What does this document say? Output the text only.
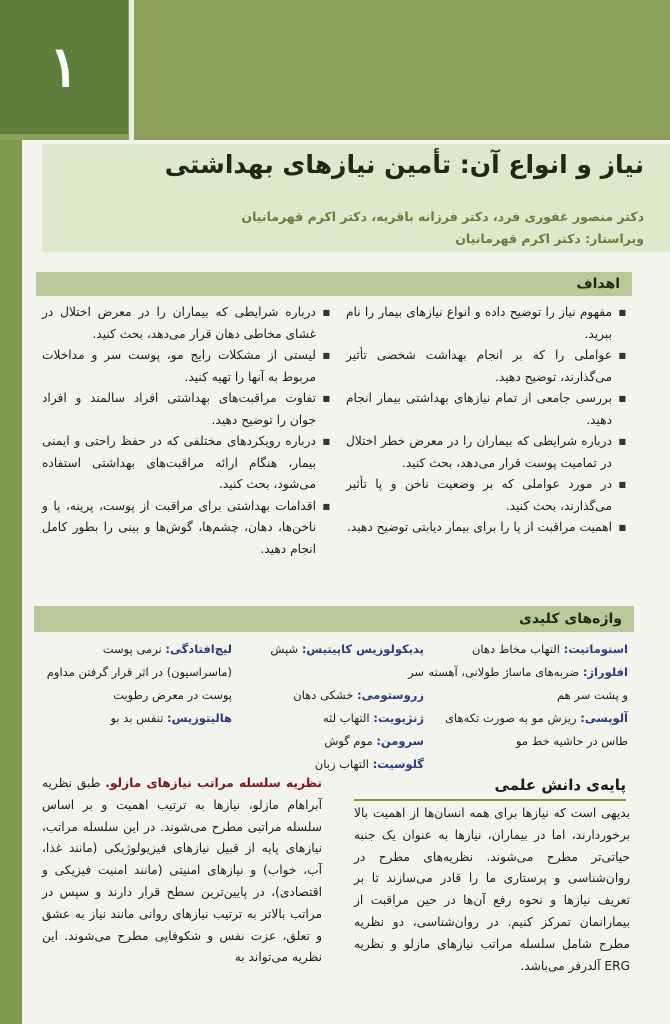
۱
نیاز و انواع آن: تأمین نیازهای بهداشتی
دکتر منصور غفوری فرد، دکتر فرزانه باقریه، دکتر اکرم قهرمانیان
ویراستار: دکتر اکرم قهرمانیان
اهداف
■ مفهوم نیاز را توضیح داده و انواع نیازهای بیمار را نام ببرید.
■ عواملی را که بر انجام بهداشت شخصی تأثیر می‌گذارند، توضیح دهید.
■ بررسی جامعی از تمام نیازهای بهداشتی بیمار انجام دهید.
■ درباره شرایطی که بیماران را در معرض خطر اختلال در تمامیت پوست قرار می‌دهد، بحث کنید.
■ در مورد عواملی که بر وضعیت ناخن و پا تأثیر می‌گذارند، بحث کنید.
■ اهمیت مراقبت از پا را برای بیمار دیابتی توضیح دهید.
■ درباره شرایطی که بیماران را در معرض اختلال در غشای مخاطی دهان قرار می‌دهد، بحث کنید.
■ لیستی از مشکلات رایج مو، پوست سر و مداخلات مربوط به آنها را تهیه کنید.
■ تفاوت مراقبت‌های بهداشتی افراد سالمند و افراد جوان را توضیح دهید.
■ درباره رویکردهای مختلفی که در حفظ راحتی و ایمنی بیمار، هنگام ارائه مراقبت‌های بهداشتی استفاده می‌شود، بحث کنید.
■ اقدامات بهداشتی برای مراقبت از پوست، پرینه، پا و ناخن‌ها، دهان، چشم‌ها، گوش‌ها و بینی را بطور کامل انجام دهید.
واژه‌های کلیدی
استوماتیت: التهاب مخاط دهان
افلوراژ: ضربه‌های ماساژ طولانی، آهسته و پشت سر هم
آلوپسی: ریزش مو به صورت تکه‌های طاس در حاشیه خط مو
پدیکولوزیس کاپیتیس: شپش سر
زروستومی: خشکی دهان
ژنژیویت: التهاب لثه
سرومن: موم گوش
گلوسیت: التهاب زبان
لیچ‌افتادگی: نرمی پوست (ماسراسیون) در اثر قرار گرفتن مداوم پوست در معرض رطوبت
هالیتوزیس: تنفس بد بو
پایه‌ی دانش علمی
بدیهی است که نیازها برای همه انسان‌ها از اهمیت بالا برخوردارند، اما در بیماران، نیازها به عنوان یک جنبه حیاتی‌تر مطرح می‌شوند. نظریه‌های مطرح در روان‌شناسی و پرستاری ما را قادر می‌سازند تا بر تعریف نیازها و نحوه رفع آن‌ها در حین مراقبت از بیمارانمان تمرکز کنیم. در روان‌شناسی، دو نظریه مطرح شامل سلسله مراتب نیازهای مازلو و نظریه ERG آلدرفر می‌باشد.
نظریه سلسله مراتب نیازهای مازلو. طبق نظریه آبراهام مازلو، نیازها به ترتیب اهمیت و بر اساس سلسله مراتبی مطرح می‌شوند. در این سلسله مراتب، نیازهای پایه از قبیل نیازهای فیزیولوژیکی (مانند غذا، آب، خواب) و نیازهای امنیتی (مانند امنیت فیزیکی و اقتصادی)، در پایین‌ترین سطح قرار دارند و سپس در مراتب بالاتر به ترتیب نیازهای روانی مانند نیاز به عشق و تعلق، عزت نفس و شکوفایی مطرح می‌شوند. این نظریه می‌تواند به
